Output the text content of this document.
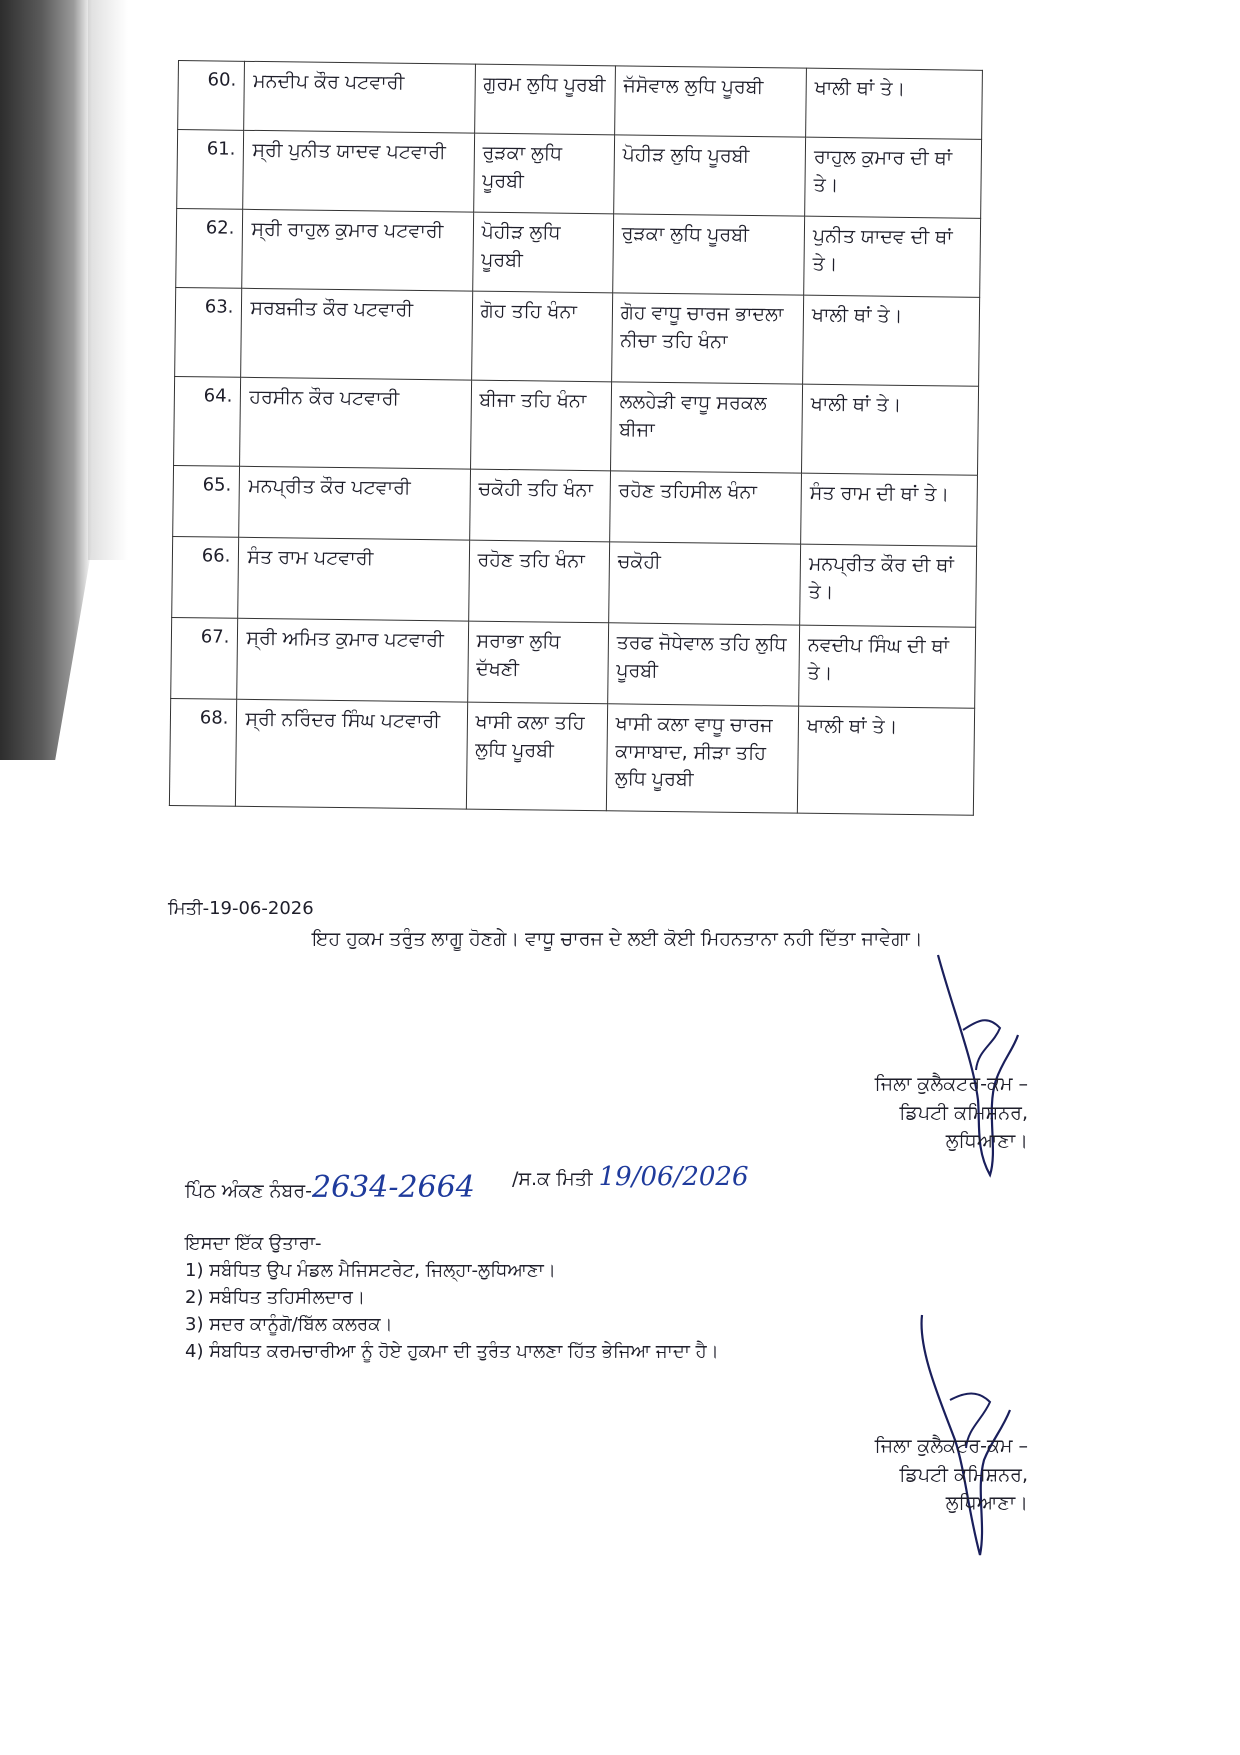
60.	ਮਨਦੀਪ ਕੌਰ ਪਟਵਾਰੀ	ਗੁਰਮ ਲੁਧਿ ਪੂਰਬੀ	ਜੱਸੋਵਾਲ ਲੁਧਿ ਪੂਰਬੀ	ਖਾਲੀ ਥਾਂ ਤੇ।
61.	ਸ੍ਰੀ ਪੁਨੀਤ ਯਾਦਵ ਪਟਵਾਰੀ	ਰੁੜਕਾ ਲੁਧਿ ਪੂਰਬੀ	ਪੋਹੀੜ ਲੁਧਿ ਪੂਰਬੀ	ਰਾਹੁਲ ਕੁਮਾਰ ਦੀ ਥਾਂ ਤੇ।
62.	ਸ੍ਰੀ ਰਾਹੁਲ ਕੁਮਾਰ ਪਟਵਾਰੀ	ਪੋਹੀੜ ਲੁਧਿ ਪੂਰਬੀ	ਰੁੜਕਾ ਲੁਧਿ ਪੂਰਬੀ	ਪੁਨੀਤ ਯਾਦਵ ਦੀ ਥਾਂ ਤੇ।
63.	ਸਰਬਜੀਤ ਕੌਰ ਪਟਵਾਰੀ	ਗੋਹ ਤਹਿ ਖੰਨਾ	ਗੋਹ ਵਾਧੂ ਚਾਰਜ ਭਾਦਲਾ ਨੀਚਾ ਤਹਿ ਖੰਨਾ	ਖਾਲੀ ਥਾਂ ਤੇ।
64.	ਹਰਸੀਨ ਕੌਰ ਪਟਵਾਰੀ	ਬੀਜਾ ਤਹਿ ਖੰਨਾ	ਲਲਹੇੜੀ ਵਾਧੂ ਸਰਕਲ ਬੀਜਾ	ਖਾਲੀ ਥਾਂ ਤੇ।
65.	ਮਨਪ੍ਰੀਤ ਕੌਰ ਪਟਵਾਰੀ	ਚਕੋਹੀ ਤਹਿ ਖੰਨਾ	ਰਹੋਣ ਤਹਿਸੀਲ ਖੰਨਾ	ਸੰਤ ਰਾਮ ਦੀ ਥਾਂ ਤੇ।
66.	ਸੰਤ ਰਾਮ ਪਟਵਾਰੀ	ਰਹੋਣ ਤਹਿ ਖੰਨਾ	ਚਕੋਹੀ	ਮਨਪ੍ਰੀਤ ਕੌਰ ਦੀ ਥਾਂ ਤੇ।
67.	ਸ੍ਰੀ ਅਮਿਤ ਕੁਮਾਰ ਪਟਵਾਰੀ	ਸਰਾਭਾ ਲੁਧਿ ਦੱਖਣੀ	ਤਰਫ ਜੋਧੇਵਾਲ ਤਹਿ ਲੁਧਿ ਪੂਰਬੀ	ਨਵਦੀਪ ਸਿੰਘ ਦੀ ਥਾਂ ਤੇ।
68.	ਸ੍ਰੀ ਨਰਿੰਦਰ ਸਿੰਘ ਪਟਵਾਰੀ	ਖਾਸੀ ਕਲਾ ਤਹਿ ਲੁਧਿ ਪੂਰਬੀ	ਖਾਸੀ ਕਲਾ ਵਾਧੂ ਚਾਰਜ ਕਾਸਾਬਾਦ, ਸੀੜਾ ਤਹਿ ਲੁਧਿ ਪੂਰਬੀ	ਖਾਲੀ ਥਾਂ ਤੇ।
ਮਿਤੀ-19-06-2026
ਇਹ ਹੁਕਮ ਤਰੁੰਤ ਲਾਗੂ ਹੋਣਗੇ। ਵਾਧੂ ਚਾਰਜ ਦੇ ਲਈ ਕੋਈ ਮਿਹਨਤਾਨਾ ਨਹੀ ਦਿੱਤਾ ਜਾਵੇਗਾ।
ਜਿਲਾ ਕੁਲੈਕਟਰ-ਕਮ –
ਡਿਪਟੀ ਕਮਿਸ਼ਨਰ,
ਲੁਧਿਆਣਾ।
ਪਿੰਠ ਅੰਕਣ ਨੰਬਰ-2634-2664 /ਸ.ਕ ਮਿਤੀ 19/06/2026
ਇਸਦਾ ਇੱਕ ਉਤਾਰਾ-
1) ਸਬੰਧਿਤ ਉਪ ਮੰਡਲ ਮੈਜਿਸਟਰੇਟ, ਜਿਲ੍ਹਾ-ਲੁਧਿਆਣਾ।
2) ਸਬੰਧਿਤ ਤਹਿਸੀਲਦਾਰ।
3) ਸਦਰ ਕਾਨੂੰਗੋ/ਬਿੱਲ ਕਲਰਕ।
4) ਸੰਬਧਿਤ ਕਰਮਚਾਰੀਆ ਨੂੰ ਹੋਏ ਹੁਕਮਾ ਦੀ ਤੁਰੰਤ ਪਾਲਣਾ ਹਿੱਤ ਭੇਜਿਆ ਜਾਦਾ ਹੈ।
ਜਿਲਾ ਕੁਲੈਕਟਰ-ਕਮ –
ਡਿਪਟੀ ਕਮਿਸ਼ਨਰ,
ਲੁਧਿਆਣਾ।
